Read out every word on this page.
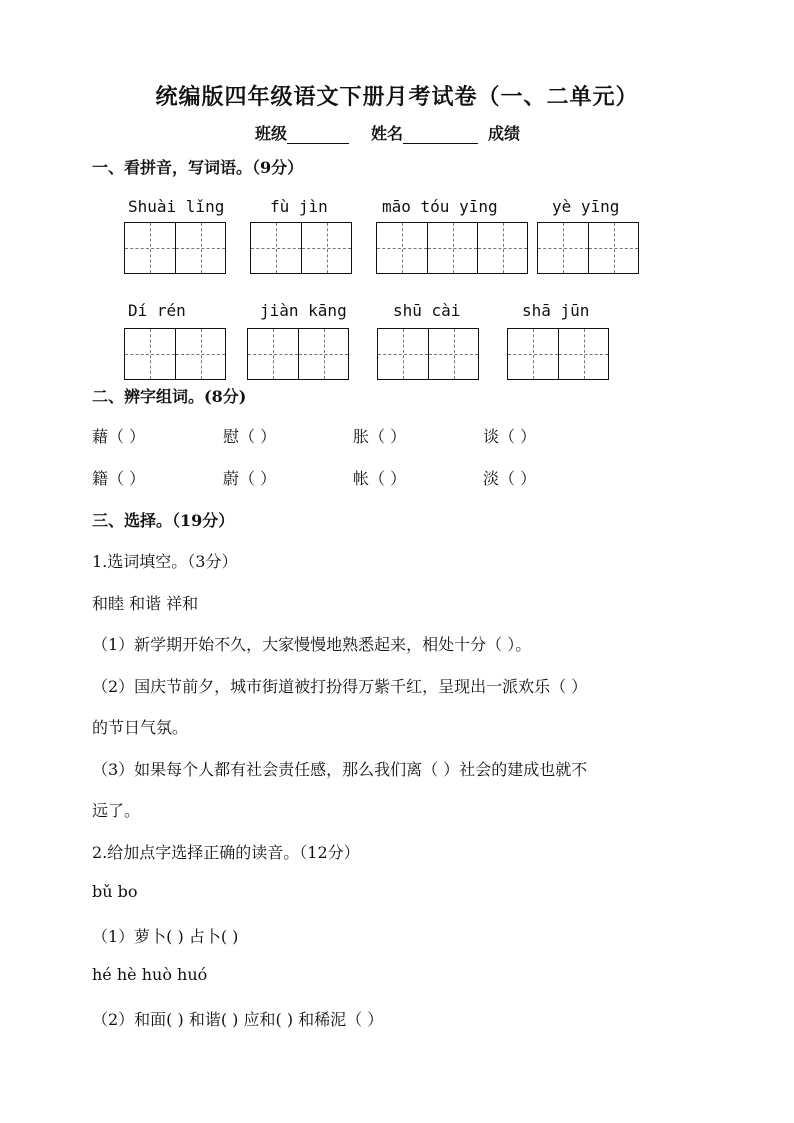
统编版四年级语文下册月考试卷（一、二单元）
班级	姓名	成绩
一、看拼音，写词语。（9分）
Shuài lǐng	fù jìn	māo tóu yīng	yè yīng
Dí rén	jiàn kāng	shū cài	shā jūn
二、辨字组词。(8分)
藉（ ）	慰（ ）	胀（ ）	谈（ ）
籍（ ）	蔚（ ）	帐（ ）	淡（ ）
三、选择。（19分）
1.选词填空。（3分）
和睦 和谐 祥和
（1）新学期开始不久，大家慢慢地熟悉起来，相处十分（ ）。
（2）国庆节前夕，城市街道被打扮得万紫千红，呈现出一派欢乐（ ）
的节日气氛。
（3）如果每个人都有社会责任感，那么我们离（ ）社会的建成也就不
远了。
2.给加点字选择正确的读音。（12分）
bǔ bo
（1）萝卜( ) 占卜( )
hé hè huò huó
（2）和面( ) 和谐( ) 应和( ) 和稀泥（ ）
